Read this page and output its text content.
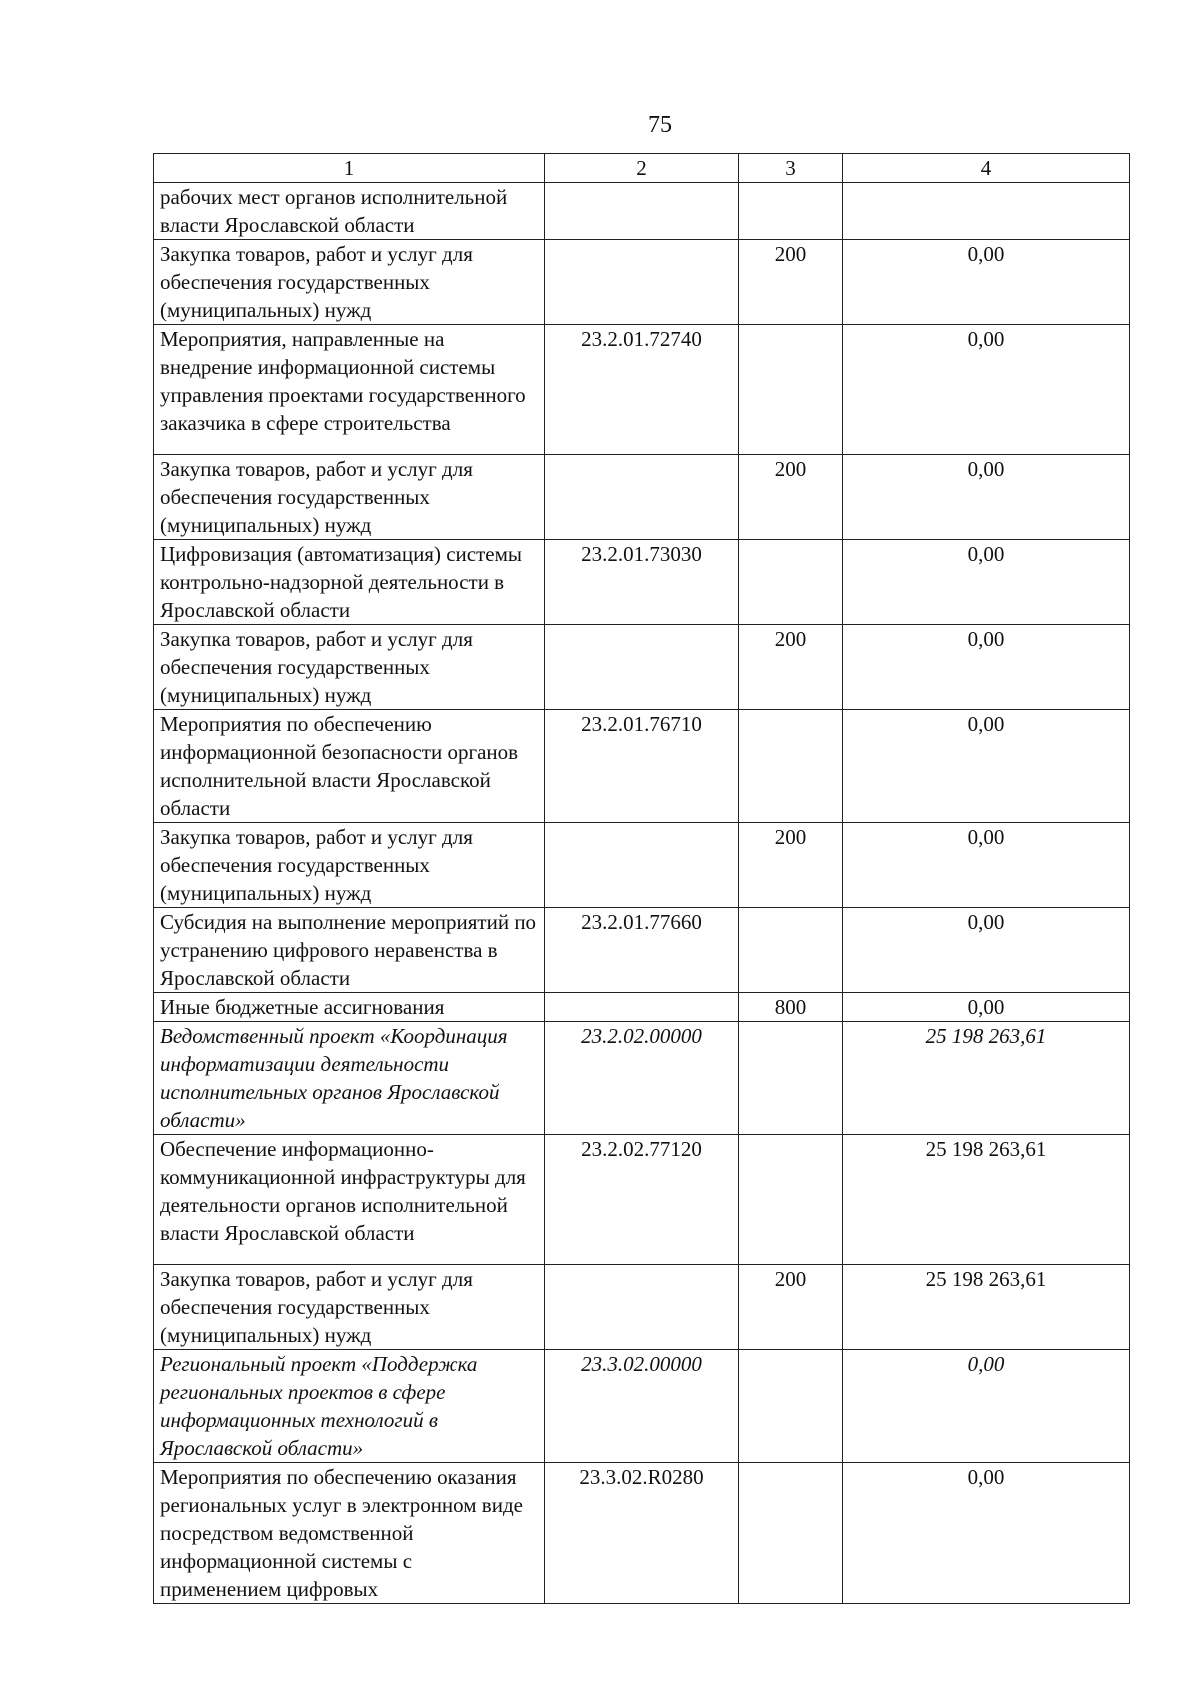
75
1	2	3	4
рабочих мест органов исполнительной власти Ярославской области			
Закупка товаров, работ и услуг для обеспечения государственных (муниципальных) нужд		200	0,00
Мероприятия, направленные на внедрение информационной системы управления проектами государственного заказчика в сфере строительства	23.2.01.72740		0,00
Закупка товаров, работ и услуг для обеспечения государственных (муниципальных) нужд		200	0,00
Цифровизация (автоматизация) системы контрольно-надзорной деятельности в Ярославской области	23.2.01.73030		0,00
Закупка товаров, работ и услуг для обеспечения государственных (муниципальных) нужд		200	0,00
Мероприятия по обеспечению информационной безопасности органов исполнительной власти Ярославской области	23.2.01.76710		0,00
Закупка товаров, работ и услуг для обеспечения государственных (муниципальных) нужд		200	0,00
Субсидия на выполнение мероприятий по устранению цифрового неравенства в Ярославской области	23.2.01.77660		0,00
Иные бюджетные ассигнования		800	0,00
Ведомственный проект «Координация информатизации деятельности исполнительных органов Ярославской области»	23.2.02.00000		25 198 263,61
Обеспечение информационно-коммуникационной инфраструктуры для деятельности органов исполнительной власти Ярославской области	23.2.02.77120		25 198 263,61
Закупка товаров, работ и услуг для обеспечения государственных (муниципальных) нужд		200	25 198 263,61
Региональный проект «Поддержка региональных проектов в сфере информационных технологий в Ярославской области»	23.3.02.00000		0,00
Мероприятия по обеспечению оказания региональных услуг в электронном виде посредством ведомственной информационной системы с применением цифровых	23.3.02.R0280		0,00
